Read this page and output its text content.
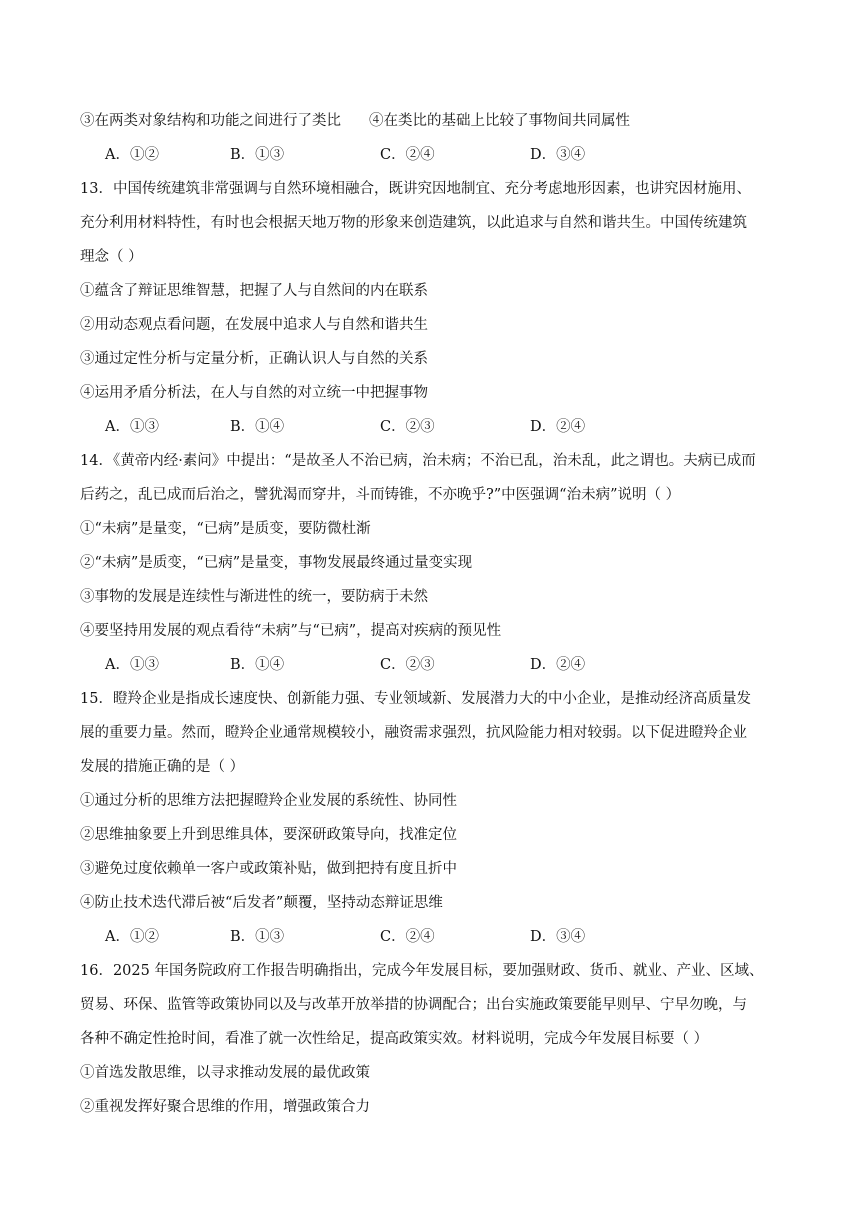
③在两类对象结构和功能之间进行了类比 ④在类比的基础上比较了事物间共同属性
A．①②	B．①③	C．②④	D．③④
13．中国传统建筑非常强调与自然环境相融合，既讲究因地制宜、充分考虑地形因素，也讲究因材施用、
充分利用材料特性，有时也会根据天地万物的形象来创造建筑，以此追求与自然和谐共生。中国传统建筑
理念（ ）
①蕴含了辩证思维智慧，把握了人与自然间的内在联系
②用动态观点看问题，在发展中追求人与自然和谐共生
③通过定性分析与定量分析，正确认识人与自然的关系
④运用矛盾分析法，在人与自然的对立统一中把握事物
A．①③	B．①④	C．②③	D．②④
14．《黄帝内经·素问》中提出：“是故圣人不治已病，治未病；不治已乱，治未乱，此之谓也。夫病已成而
后药之，乱已成而后治之，譬犹渴而穿井，斗而铸锥，不亦晚乎?”中医强调“治未病”说明（ ）
①“未病”是量变，“已病”是质变，要防微杜渐
②“未病”是质变，“已病”是量变，事物发展最终通过量变实现
③事物的发展是连续性与渐进性的统一，要防病于未然
④要坚持用发展的观点看待“未病”与“已病”，提高对疾病的预见性
A．①③	B．①④	C．②③	D．②④
15．瞪羚企业是指成长速度快、创新能力强、专业领域新、发展潜力大的中小企业，是推动经济高质量发
展的重要力量。然而，瞪羚企业通常规模较小，融资需求强烈，抗风险能力相对较弱。以下促进瞪羚企业
发展的措施正确的是（ ）
①通过分析的思维方法把握瞪羚企业发展的系统性、协同性
②思维抽象要上升到思维具体，要深研政策导向，找准定位
③避免过度依赖单一客户或政策补贴，做到把持有度且折中
④防止技术迭代滞后被“后发者”颠覆，坚持动态辩证思维
A．①②	B．①③	C．②④	D．③④
16．2025 年国务院政府工作报告明确指出，完成今年发展目标，要加强财政、货币、就业、产业、区域、
贸易、环保、监管等政策协同以及与改革开放举措的协调配合；出台实施政策要能早则早、宁早勿晚，与
各种不确定性抢时间，看准了就一次性给足，提高政策实效。材料说明，完成今年发展目标要（ ）
①首选发散思维，以寻求推动发展的最优政策
②重视发挥好聚合思维的作用，增强政策合力
